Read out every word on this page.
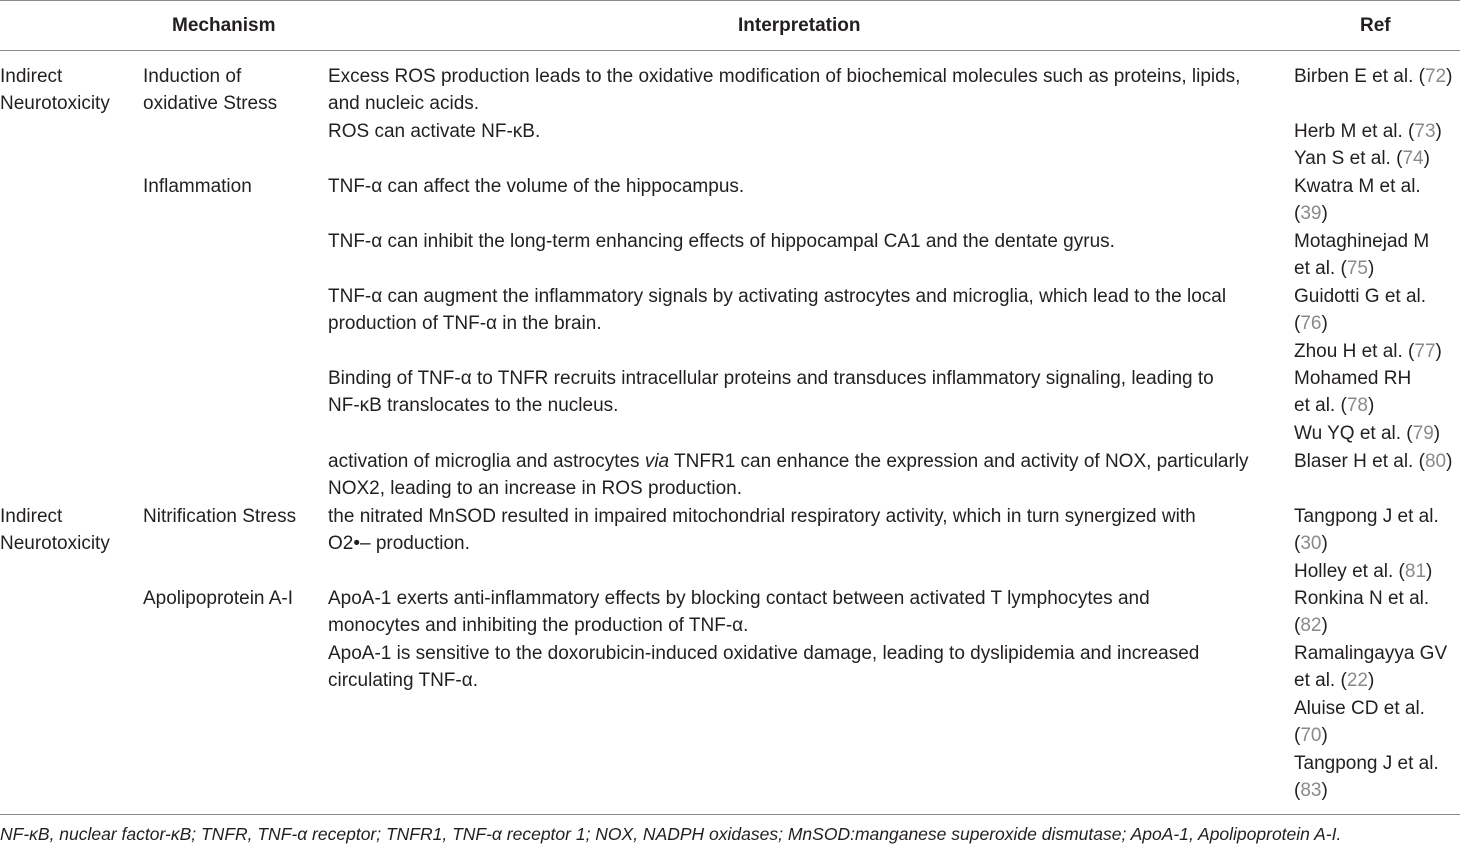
Mechanism	Interpretation	Ref
Indirect
Neurotoxicity
Indirect
Neurotoxicity
Induction of
oxidative Stress
Inflammation
Nitrification Stress
Apolipoprotein A-I
Excess ROS production leads to the oxidative modification of biochemical molecules such as proteins, lipids,
and nucleic acids.
ROS can activate NF-κB.
TNF-α can affect the volume of the hippocampus.
TNF-α can inhibit the long-term enhancing effects of hippocampal CA1 and the dentate gyrus.
TNF-α can augment the inflammatory signals by activating astrocytes and microglia, which lead to the local
production of TNF-α in the brain.
Binding of TNF-α to TNFR recruits intracellular proteins and transduces inflammatory signaling, leading to
NF-κB translocates to the nucleus.
activation of microglia and astrocytes via TNFR1 can enhance the expression and activity of NOX, particularly
NOX2, leading to an increase in ROS production.
the nitrated MnSOD resulted in impaired mitochondrial respiratory activity, which in turn synergized with
O2•– production.
ApoA-1 exerts anti-inflammatory effects by blocking contact between activated T lymphocytes and
monocytes and inhibiting the production of TNF-α.
ApoA-1 is sensitive to the doxorubicin-induced oxidative damage, leading to dyslipidemia and increased
circulating TNF-α.
Birben E et al. (72)
Herb M et al. (73)
Yan S et al. (74)
Kwatra M et al.
(39)
Motaghinejad M
et al. (75)
Guidotti G et al.
(76)
Zhou H et al. (77)
Mohamed RH
et al. (78)
Wu YQ et al. (79)
Blaser H et al. (80)
Tangpong J et al.
(30)
Holley et al. (81)
Ronkina N et al.
(82)
Ramalingayya GV
et al. (22)
Aluise CD et al.
(70)
Tangpong J et al.
(83)
NF-κB, nuclear factor-κB; TNFR, TNF-α receptor; TNFR1, TNF-α receptor 1; NOX, NADPH oxidases; MnSOD:manganese superoxide dismutase; ApoA-1, Apolipoprotein A-I.
